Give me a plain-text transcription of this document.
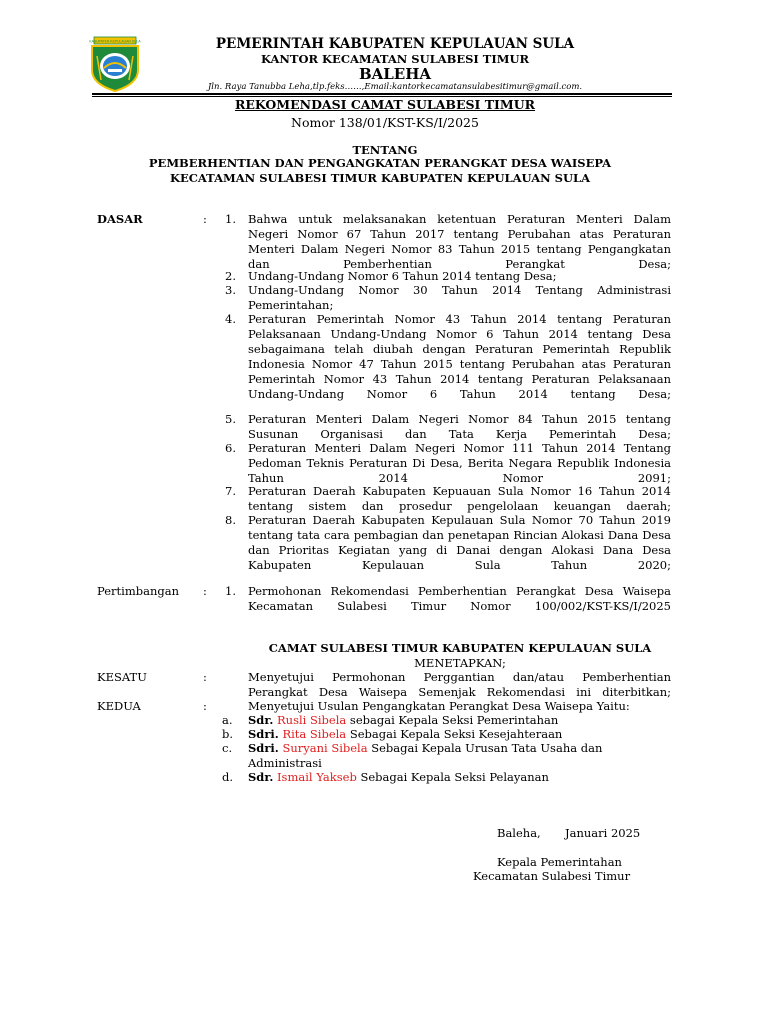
KABUPATEN KEPULAUAN SULA	PEMERINTAH KABUPATEN KEPULAUAN SULA
KANTOR KECAMATAN SULABESI TIMUR
BALEHA
Jln. Raya Tanubba Leha,tlp.feks……,Email:kantorkecamatansulabesitimur@gmail.com.
REKOMENDASI CAMAT SULABESI TIMUR
Nomor 138/01/KST-KS/I/2025
TENTANG
PEMBERHENTIAN DAN PENGANGKATAN PERANGKAT DESA WAISEPA
KECATAMAN SULABESI TIMUR KABUPATEN KEPULAUAN SULA
DASAR	: 1. Bahwa untuk melaksanakan ketentuan Peraturan Menteri Dalam Negeri Nomor 67 Tahun 2017 tentang Perubahan atas Peraturan Menteri Dalam Negeri Nomor 83 Tahun 2015 tentang Pengangkatan dan Pemberhentian Perangkat Desa;
2. Undang-Undang Nomor 6 Tahun 2014 tentang Desa;
3. Undang-Undang Nomor 30 Tahun 2014 Tentang Administrasi Pemerintahan;
4. Peraturan Pemerintah Nomor 43 Tahun 2014 tentang Peraturan Pelaksanaan Undang-Undang Nomor 6 Tahun 2014 tentang Desa sebagaimana telah diubah dengan Peraturan Pemerintah Republik Indonesia Nomor 47 Tahun 2015 tentang Perubahan atas Peraturan Pemerintah Nomor 43 Tahun 2014 tentang Peraturan Pelaksanaan Undang-Undang Nomor 6 Tahun 2014 tentang Desa;
5. Peraturan Menteri Dalam Negeri Nomor 84 Tahun 2015 tentang Susunan Organisasi dan Tata Kerja Pemerintah Desa;
6. Peraturan Menteri Dalam Negeri Nomor 111 Tahun 2014 Tentang Pedoman Teknis Peraturan Di Desa, Berita Negara Republik Indonesia Tahun 2014 Nomor 2091;
7. Peraturan Daerah Kabupaten Kepuauan Sula Nomor 16 Tahun 2014 tentang sistem dan prosedur pengelolaan keuangan daerah;
8. Peraturan Daerah Kabupaten Kepulauan Sula Nomor 70 Tahun 2019 tentang tata cara pembagian dan penetapan Rincian Alokasi Dana Desa dan Prioritas Kegiatan yang di Danai dengan Alokasi Dana Desa Kabupaten Kepulauan Sula Tahun 2020;
Pertimbangan : 1. Permohonan Rekomendasi Pemberhentian Perangkat Desa Waisepa Kecamatan Sulabesi Timur Nomor 100/002/KST-KS/I/2025
CAMAT SULABESI TIMUR KABUPATEN KEPULAUAN SULA
MENETAPKAN;
KESATU	:	Menyetujui Permohonan Perggantian dan/atau Pemberhentian Perangkat Desa Waisepa Semenjak Rekomendasi ini diterbitkan;
KEDUA	:	Menyetujui Usulan Pengangkatan Perangkat Desa Waisepa Yaitu:
a. Sdr. Rusli Sibela sebagai Kepala Seksi Pemerintahan
b. Sdri. Rita Sibela Sebagai Kepala Seksi Kesejahteraan
c. Sdri. Suryani Sibela Sebagai Kepala Urusan Tata Usaha dan Administrasi
d. Sdr. Ismail Yakseb Sebagai Kepala Seksi Pelayanan
Baleha, Januari 2025
Kepala Pemerintahan
Kecamatan Sulabesi Timur
